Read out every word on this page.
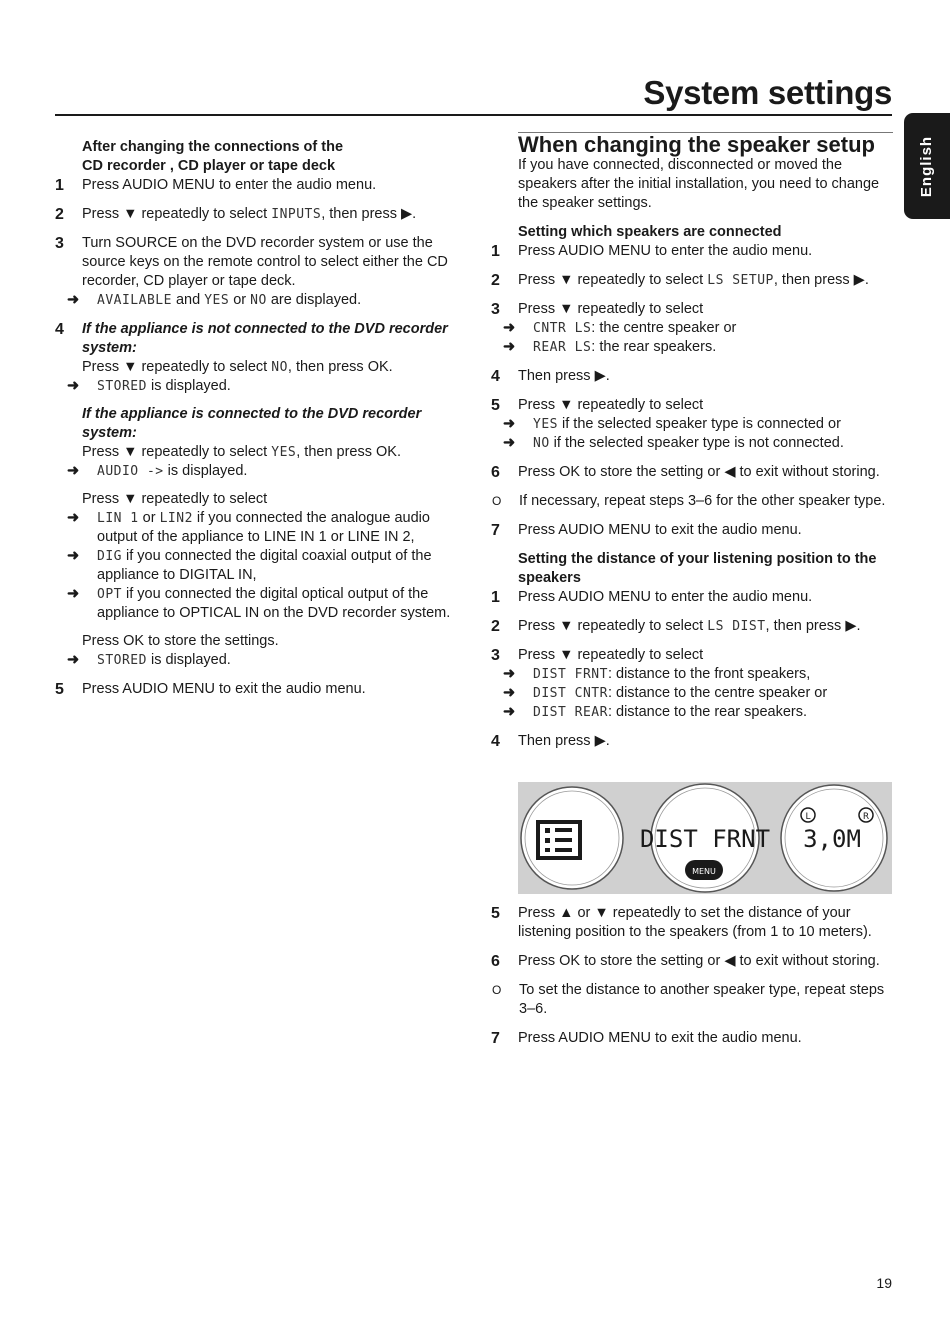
System settings
English
After changing the connections of the
CD recorder , CD player or tape deck
1	Press AUDIO MENU to enter the audio menu.
2	Press ▼ repeatedly to select INPUTS, then press ▶.
3	Turn SOURCE on the DVD recorder system or use the source keys on the remote control to select either the CD recorder, CD player or tape deck.
➜ AVAILABLE and YES or NO are displayed.
4	If the appliance is not connected to the DVD recorder system:
Press ▼ repeatedly to select NO, then press OK.
➜ STORED is displayed.
If the appliance is connected to the DVD recorder system:
Press ▼ repeatedly to select YES, then press OK.
➜ AUDIO -> is displayed.
Press ▼ repeatedly to select
➜ LIN 1 or LIN2 if you connected the analogue audio output of the appliance to LINE IN 1 or LINE IN 2,
➜ DIG if you connected the digital coaxial output of the appliance to DIGITAL IN,
➜ OPT if you connected the digital optical output of the appliance to OPTICAL IN on the DVD recorder system.
Press OK to store the settings.
➜ STORED is displayed.
5	Press AUDIO MENU to exit the audio menu.
When changing the speaker setup
If you have connected, disconnected or moved the speakers after the initial installation, you need to change the speaker settings.
Setting which speakers are connected
1	Press AUDIO MENU to enter the audio menu.
2	Press ▼ repeatedly to select LS SETUP, then press ▶.
3	Press ▼ repeatedly to select
➜ CNTR LS: the centre speaker or
➜ REAR LS: the rear speakers.
4	Then press ▶.
5	Press ▼ repeatedly to select
➜ YES if the selected speaker type is connected or
➜ NO if the selected speaker type is not connected.
6	Press OK to store the setting or ◀ to exit without storing.
O	If necessary, repeat steps 3–6 for the other speaker type.
7	Press AUDIO MENU to exit the audio menu.
Setting the distance of your listening position to the speakers
1	Press AUDIO MENU to enter the audio menu.
2	Press ▼ repeatedly to select LS DIST, then press ▶.
3	Press ▼ repeatedly to select
➜ DIST FRNT: distance to the front speakers,
➜ DIST CNTR: distance to the centre speaker or
➜ DIST REAR: distance to the rear speakers.
4	Then press ▶.
5	Press ▲ or ▼ repeatedly to set the distance of your listening position to the speakers (from 1 to 10 meters).
6	Press OK to store the setting or ◀ to exit without storing.
O	To set the distance to another speaker type, repeat steps 3–6.
7	Press AUDIO MENU to exit the audio menu.
DIST FRNT
MENU
L	R
3,0M
19
